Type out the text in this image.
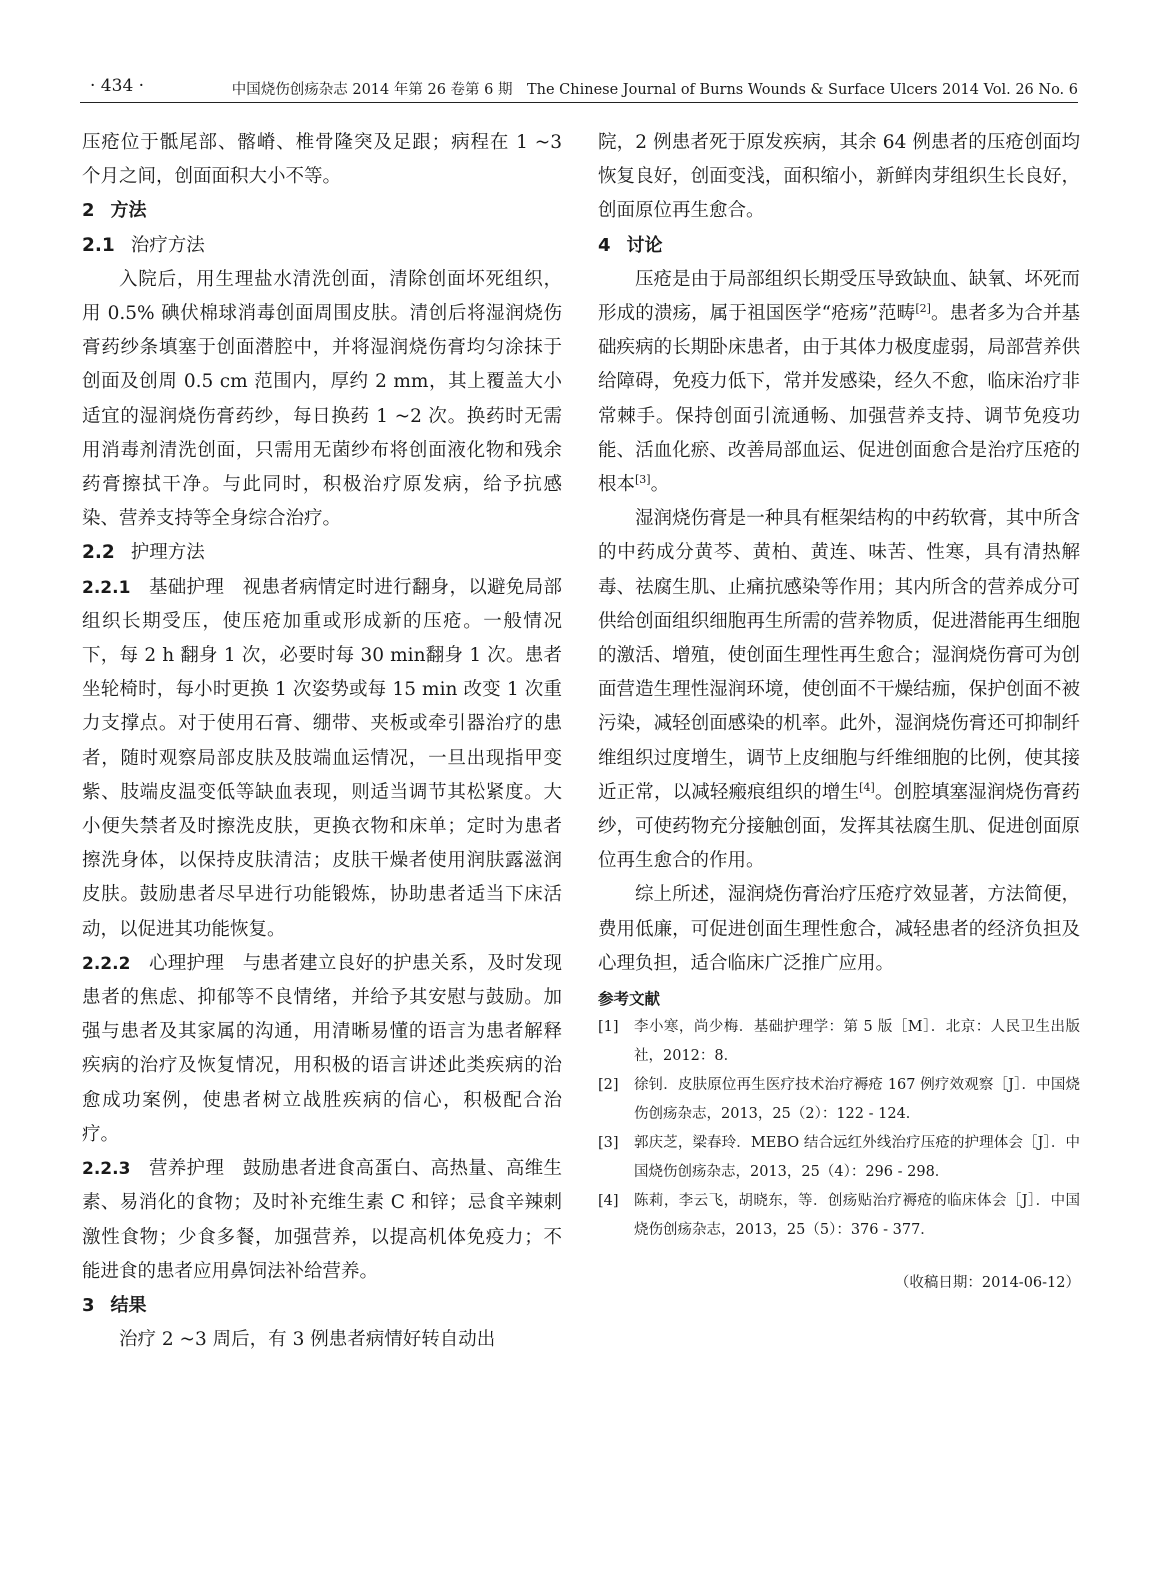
· 434 ·	中国烧伤创疡杂志 2014 年第 26 卷第 6 期　The Chinese Journal of Burns Wounds & Surface Ulcers 2014 Vol. 26 No. 6

压疮位于骶尾部、髂嵴、椎骨隆突及足跟；病程在 1 ~3 个月之间，创面面积大小不等。

2 方法
2.1 治疗方法

入院后，用生理盐水清洗创面，清除创面坏死组织，用 0.5% 碘伏棉球消毒创面周围皮肤。清创后将湿润烧伤膏药纱条填塞于创面潜腔中，并将湿润烧伤膏均匀涂抹于创面及创周 0.5 cm 范围内，厚约 2 mm，其上覆盖大小适宜的湿润烧伤膏药纱，每日换药 1 ~2 次。换药时无需用消毒剂清洗创面，只需用无菌纱布将创面液化物和残余药膏擦拭干净。与此同时，积极治疗原发病，给予抗感染、营养支持等全身综合治疗。

2.2 护理方法

2.2.1 基础护理 视患者病情定时进行翻身，以避免局部组织长期受压，使压疮加重或形成新的压疮。一般情况下，每 2 h 翻身 1 次，必要时每 30 min翻身 1 次。患者坐轮椅时，每小时更换 1 次姿势或每 15 min 改变 1 次重力支撑点。对于使用石膏、绷带、夹板或牵引器治疗的患者，随时观察局部皮肤及肢端血运情况，一旦出现指甲变紫、肢端皮温变低等缺血表现，则适当调节其松紧度。大小便失禁者及时擦洗皮肤，更换衣物和床单；定时为患者擦洗身体，以保持皮肤清洁；皮肤干燥者使用润肤露滋润皮肤。鼓励患者尽早进行功能锻炼，协助患者适当下床活动，以促进其功能恢复。

2.2.2 心理护理 与患者建立良好的护患关系，及时发现患者的焦虑、抑郁等不良情绪，并给予其安慰与鼓励。加强与患者及其家属的沟通，用清晰易懂的语言为患者解释疾病的治疗及恢复情况，用积极的语言讲述此类疾病的治愈成功案例，使患者树立战胜疾病的信心，积极配合治疗。

2.2.3 营养护理 鼓励患者进食高蛋白、高热量、高维生素、易消化的食物；及时补充维生素 C 和锌；忌食辛辣刺激性食物；少食多餐，加强营养，以提高机体免疫力；不能进食的患者应用鼻饲法补给营养。

3 结果

治疗 2 ~3 周后，有 3 例患者病情好转自动出

院，2 例患者死于原发疾病，其余 64 例患者的压疮创面均恢复良好，创面变浅，面积缩小，新鲜肉芽组织生长良好，创面原位再生愈合。

4 讨论

压疮是由于局部组织长期受压导致缺血、缺氧、坏死而形成的溃疡，属于祖国医学“疮疡”范畴[2]。患者多为合并基础疾病的长期卧床患者，由于其体力极度虚弱，局部营养供给障碍，免疫力低下，常并发感染，经久不愈，临床治疗非常棘手。保持创面引流通畅、加强营养支持、调节免疫功能、活血化瘀、改善局部血运、促进创面愈合是治疗压疮的根本[3]。

湿润烧伤膏是一种具有框架结构的中药软膏，其中所含的中药成分黄芩、黄柏、黄连、味苦、性寒，具有清热解毒、祛腐生肌、止痛抗感染等作用；其内所含的营养成分可供给创面组织细胞再生所需的营养物质，促进潜能再生细胞的激活、增殖，使创面生理性再生愈合；湿润烧伤膏可为创面营造生理性湿润环境，使创面不干燥结痂，保护创面不被污染，减轻创面感染的机率。此外，湿润烧伤膏还可抑制纤维组织过度增生，调节上皮细胞与纤维细胞的比例，使其接近正常，以减轻瘢痕组织的增生[4]。创腔填塞湿润烧伤膏药纱，可使药物充分接触创面，发挥其祛腐生肌、促进创面原位再生愈合的作用。

综上所述，湿润烧伤膏治疗压疮疗效显著，方法简便，费用低廉，可促进创面生理性愈合，减轻患者的经济负担及心理负担，适合临床广泛推广应用。

参考文献
[1]	李小寒，尚少梅．基础护理学：第 5 版［M］．北京：人民卫生出版社，2012：8．
[2]	徐钊．皮肤原位再生医疗技术治疗褥疮 167 例疗效观察［J］．中国烧伤创疡杂志，2013，25（2）：122 - 124．
[3]	郭庆芝，梁春玲．MEBO 结合远红外线治疗压疮的护理体会［J］．中国烧伤创疡杂志，2013，25（4）：296 - 298．
[4]	陈莉，李云飞，胡晓东，等．创疡贴治疗褥疮的临床体会［J］．中国烧伤创疡杂志，2013，25（5）：376 - 377．
（收稿日期：2014-06-12）
